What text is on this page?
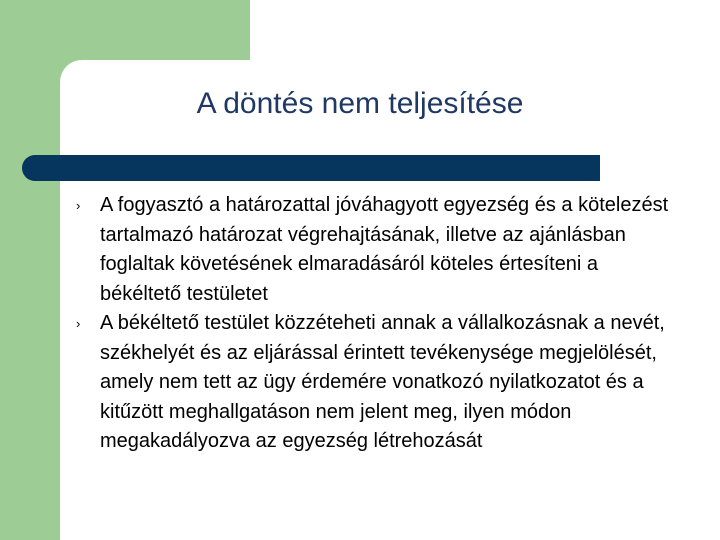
A döntés nem teljesítése
› A fogyasztó a határozattal jóváhagyott egyezség és a kötelezést tartalmazó határozat végrehajtásának, illetve az ajánlásban foglaltak követésének elmaradásáról köteles értesíteni a békéltető testületet
› A békéltető testület közzéteheti annak a vállalkozásnak a nevét, székhelyét és az eljárással érintett tevékenysége megjelölését, amely nem tett az ügy érdemére vonatkozó nyilatkozatot és a kitűzött meghallgatáson nem jelent meg, ilyen módon megakadályozva az egyezség létrehozását
